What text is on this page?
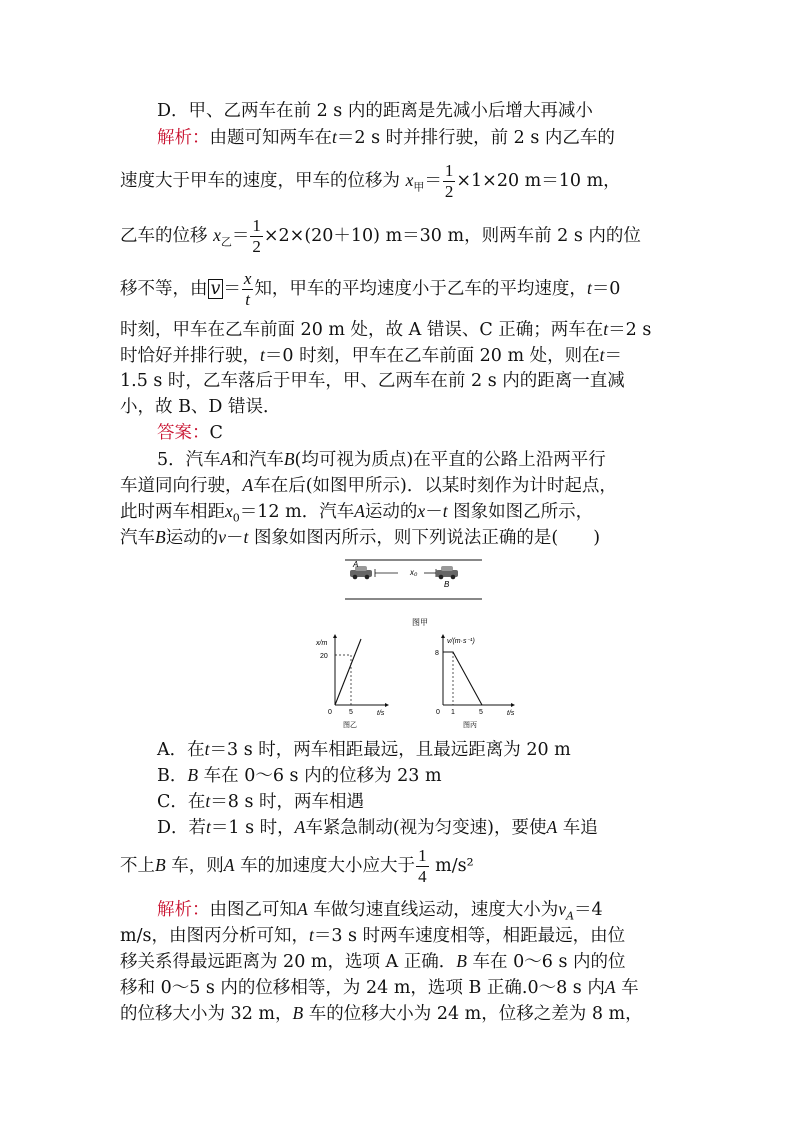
D．甲、乙两车在前 2 s 内的距离是先减小后增大再减小
解析：由题可知两车在t＝2 s 时并排行驶，前 2 s 内乙车的
速度大于甲车的速度，甲车的位移为 $x_甲= \frac{1}{2} \times 1\times 20$ m＝10 m，
乙车的位移 $x_乙= \frac{1}{2} \times 2\times(20+10)$ m＝30 m，则两车前 2 s 内的位
移不等，由 $v = \frac{x}{t}$ 知，甲车的平均速度小于乙车的平均速度，t＝0
时刻，甲车在乙车前面 20 m 处，故 A 错误、C 正确；两车在t＝2 s
时恰好并排行驶，t＝0 时刻，甲车在乙车前面 20 m 处，则在t＝
1.5 s 时，乙车落后于甲车，甲、乙两车在前 2 s 内的距离一直减
小，故 B、D 错误．
答案：C
5．汽车A和汽车B(均可视为质点)在平直的公路上沿两平行
车道同向行驶，A车在后(如图甲所示)．以某时刻作为计时起点，
此时两车相距$x_0=12$ m．汽车A运动的x－t 图象如图乙所示，
汽车B运动的v－t 图象如图丙所示，则下列说法正确的是(　　)
A
x₀
B
图甲
x/m
t/s
20
0 5
图乙
v/(m·s⁻¹)
t/s
8
0 1	5
图丙
A．在t＝3 s 时，两车相距最远，且最远距离为 20 m
B．B 车在 0～6 s 内的位移为 23 m
C．在t＝8 s 时，两车相遇
D．若t＝1 s 时，A车紧急制动(视为匀变速)，要使A 车追
不上B 车，则A 车的加速度大小应大于 $\frac{1}{4} m/s^2$
解析：由图乙可知A 车做匀速直线运动，速度大小为$v_A=4$
m/s，由图丙分析可知，t＝3 s 时两车速度相等，相距最远，由位
移关系得最远距离为 20 m，选项 A 正确．B 车在 0～6 s 内的位
移和 0～5 s 内的位移相等，为 24 m，选项 B 正确.0～8 s 内A 车
的位移大小为 32 m，B 车的位移大小为 24 m，位移之差为 8 m，
